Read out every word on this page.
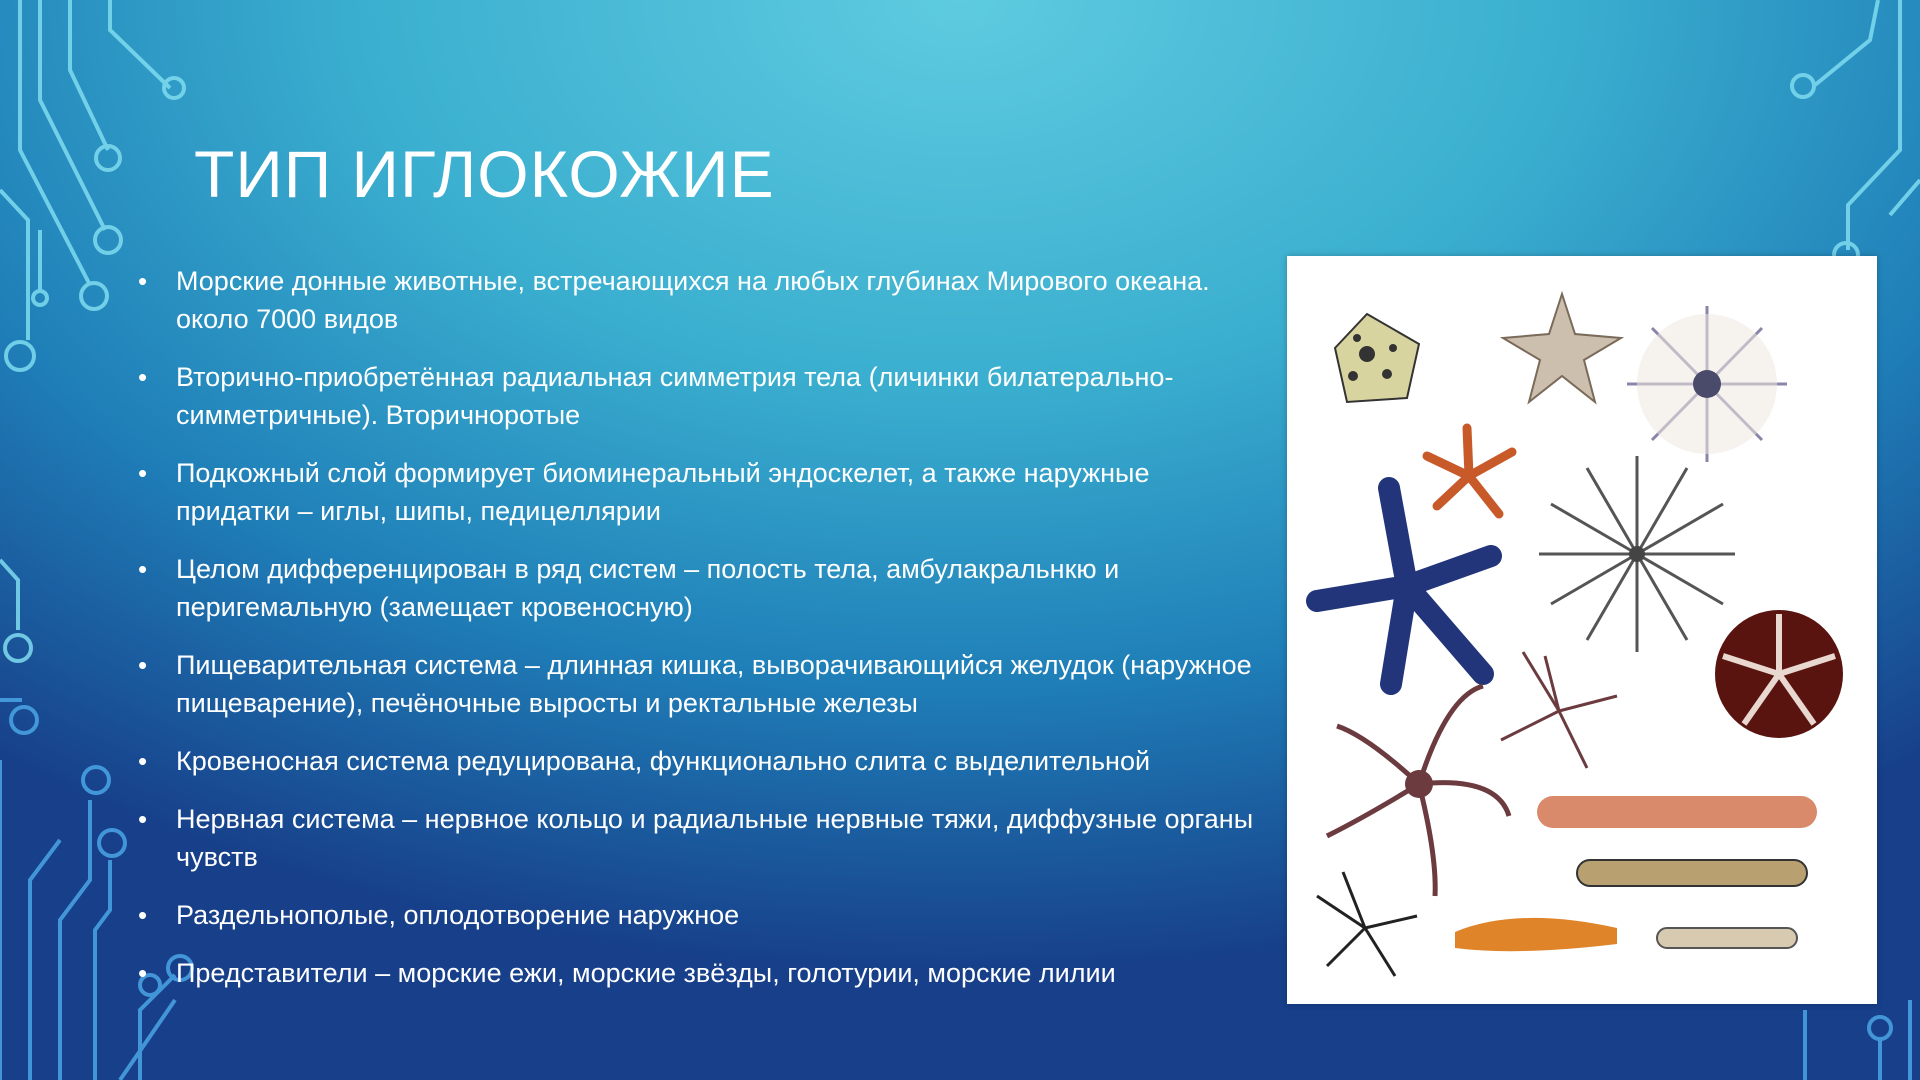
ТИП ИГЛОКОЖИЕ
• Морские донные животные, встречающихся на любых глубинах Мирового океана. около 7000 видов
• Вторично-приобретённая радиальная симметрия тела (личинки билатерально-симметричные). Вторичноротые
• Подкожный слой формирует биоминеральный эндоскелет, а также наружные придатки – иглы, шипы, педицеллярии
• Целом дифференцирован в ряд систем – полость тела, амбулакральнкю и перигемальную (замещает кровеносную)
• Пищеварительная система – длинная кишка, выворачивающийся желудок (наружное пищеварение), печёночные выросты и ректальные железы
• Кровеносная система редуцирована, функционально слита с выделительной
• Нервная система – нервное кольцо и радиальные нервные тяжи, диффузные органы чувств
• Раздельнополые, оплодотворение наружное
• Представители – морские ежи, морские звёзды, голотурии, морские лилии
